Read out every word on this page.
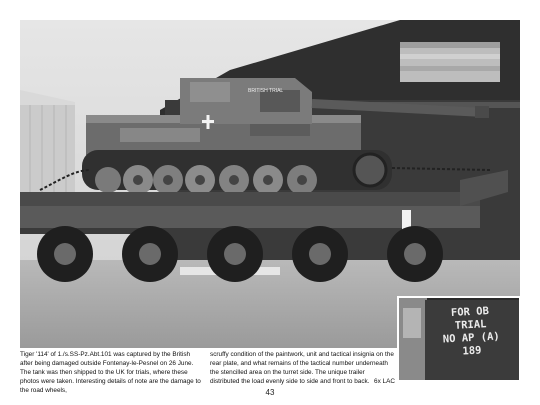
BRITISH TRIAL
FOR OB
TRIAL
NO AP (A)
189
Tiger '114' of 1./s.SS-Pz.Abt.101 was captured by the British after being damaged outside Fontenay-le-Pesnel on 26 June. The tank was then shipped to the UK for trials, where these photos were taken. Interesting details of note are the damage to the road wheels,
scruffy condition of the paintwork, unit and tactical insignia on the rear plate, and what remains of the tactical number underneath the stencilled area on the turret side. The unique trailer distributed the load evenly side to side and front to back. 6x LAC
43
